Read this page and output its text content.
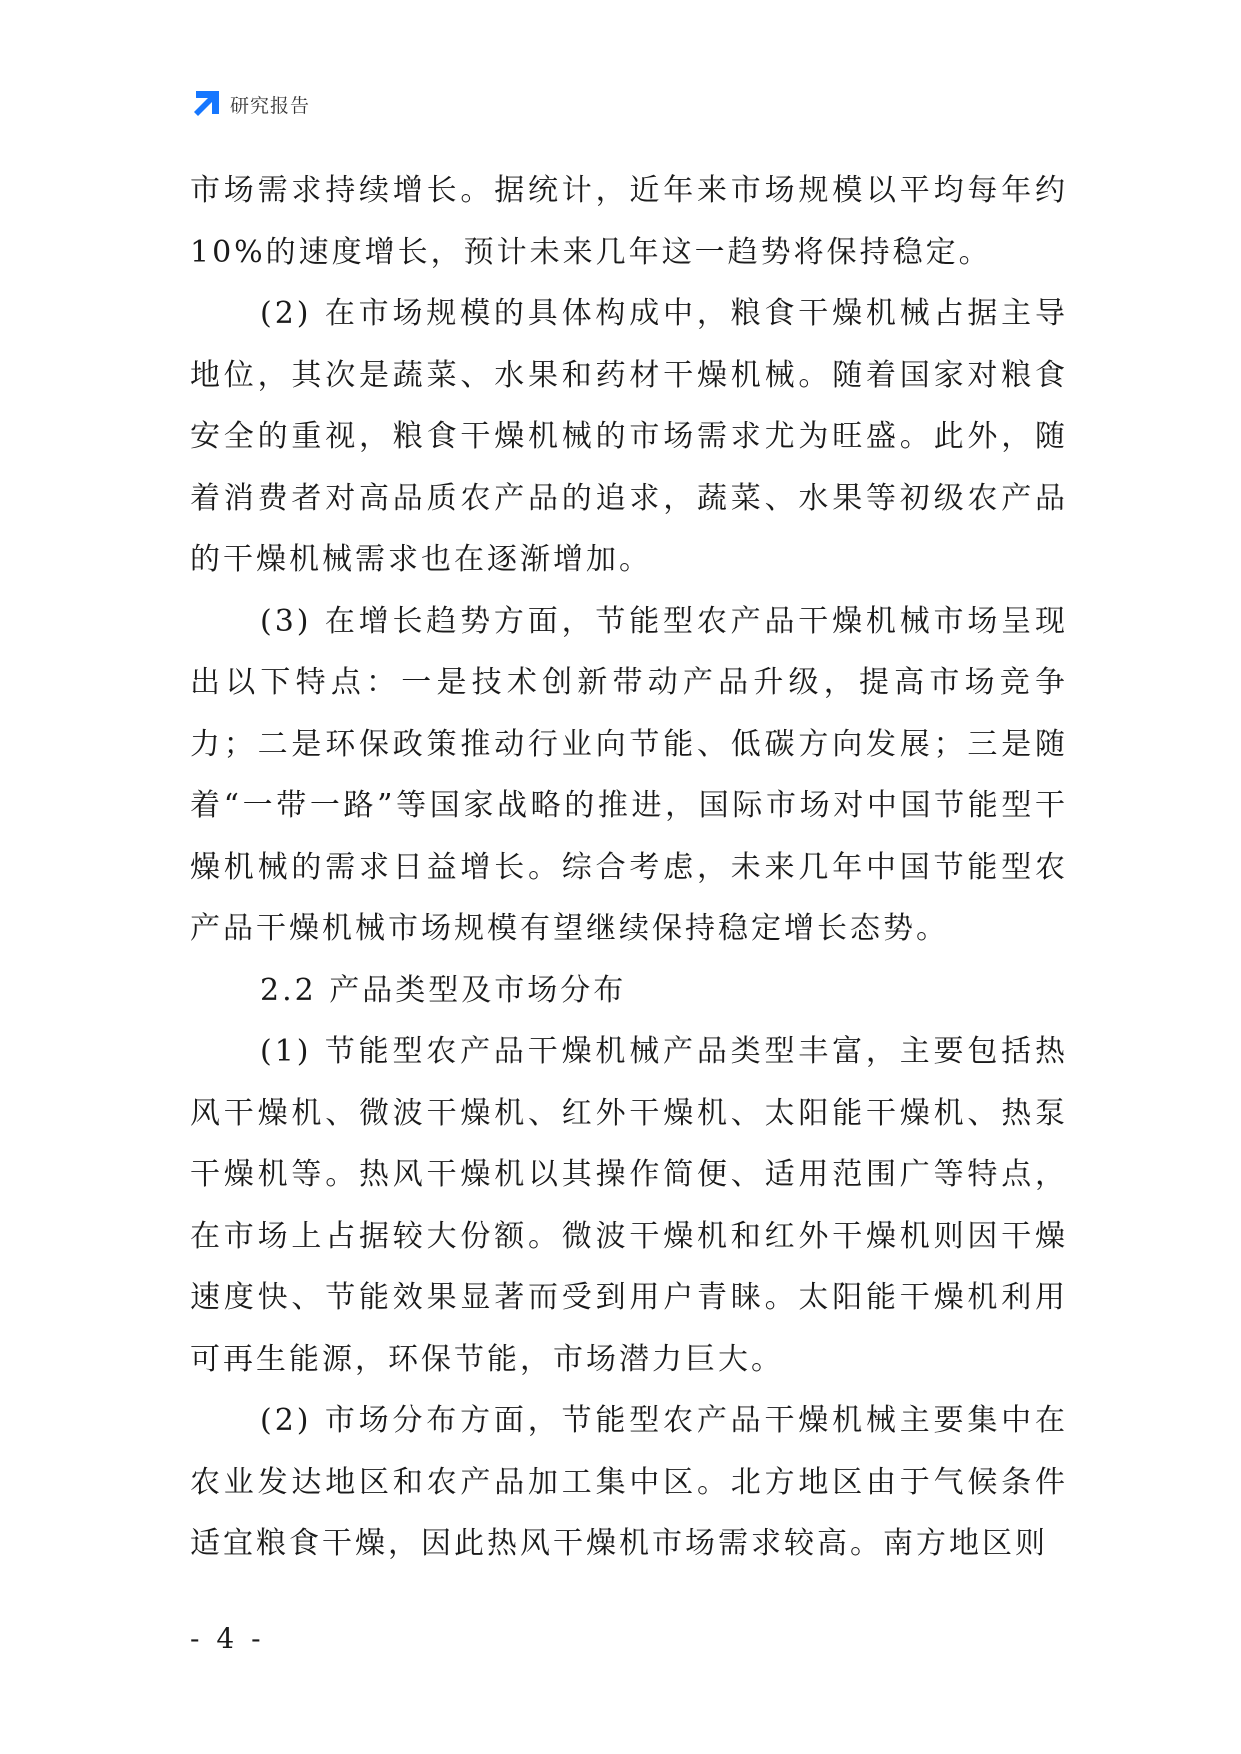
研究报告

市场需求持续增长。据统计，近年来市场规模以平均每年约10%的速度增长，预计未来几年这一趋势将保持稳定。

(2) 在市场规模的具体构成中，粮食干燥机械占据主导地位，其次是蔬菜、水果和药材干燥机械。随着国家对粮食安全的重视，粮食干燥机械的市场需求尤为旺盛。此外，随着消费者对高品质农产品的追求，蔬菜、水果等初级农产品的干燥机械需求也在逐渐增加。

(3) 在增长趋势方面，节能型农产品干燥机械市场呈现出以下特点：一是技术创新带动产品升级，提高市场竞争力；二是环保政策推动行业向节能、低碳方向发展；三是随着“一带一路”等国家战略的推进，国际市场对中国节能型干燥机械的需求日益增长。综合考虑，未来几年中国节能型农产品干燥机械市场规模有望继续保持稳定增长态势。

2.2 产品类型及市场分布

(1) 节能型农产品干燥机械产品类型丰富，主要包括热风干燥机、微波干燥机、红外干燥机、太阳能干燥机、热泵干燥机等。热风干燥机以其操作简便、适用范围广等特点，在市场上占据较大份额。微波干燥机和红外干燥机则因干燥速度快、节能效果显著而受到用户青睐。太阳能干燥机利用可再生能源，环保节能，市场潜力巨大。

(2) 市场分布方面，节能型农产品干燥机械主要集中在农业发达地区和农产品加工集中区。北方地区由于气候条件适宜粮食干燥，因此热风干燥机市场需求较高。南方地区则

- 4 -
